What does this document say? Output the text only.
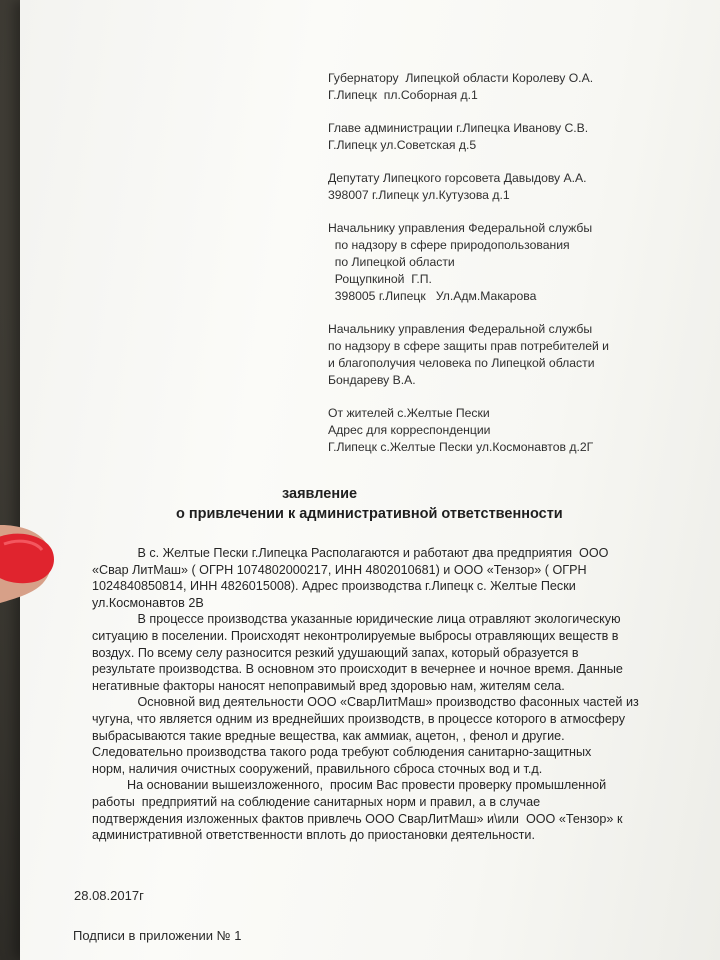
Губернатору  Липецкой области Королеву О.А.
Г.Липецк  пл.Соборная д.1
Главе администрации г.Липецка Иванову С.В.
Г.Липецк ул.Советская д.5
Депутату Липецкого горсовета Давыдову А.А.
398007 г.Липецк ул.Кутузова д.1
Начальнику управления Федеральной службы
по надзору в сфере природопользования
по Липецкой области
Рощупкиной  Г.П.
398005 г.Липецк   Ул.Адм.Макарова
Начальнику управления Федеральной службы
по надзору в сфере защиты прав потребителей и
и благополучия человека по Липецкой области
Бондареву В.А.
От жителей с.Желтые Пески
Адрес для корреспонденции
Г.Липецк с.Желтые Пески ул.Космонавтов д.2Г
заявление
о привлечении к административной ответственности
В с. Желтые Пески г.Липецка Располагаются и работают два предприятия  ООО
«Свар ЛитМаш» ( ОГРН 1074802000217, ИНН 4802010681) и ООО «Тензор» ( ОГРН
1024840850814, ИНН 4826015008). Адрес производства г.Липецк с. Желтые Пески
ул.Космонавтов 2В
В процессе производства указанные юридические лица отравляют экологическую
ситуацию в поселении. Происходят неконтролируемые выбросы отравляющих веществ в
воздух. По всему селу разносится резкий удушающий запах, который образуется в
результате производства. В основном это происходит в вечернее и ночное время. Данные
негативные факторы наносят непоправимый вред здоровью нам, жителям села.
Основной вид деятельности ООО «СварЛитМаш» производство фасонных частей из
чугуна, что является одним из вреднейших производств, в процессе которого в атмосферу
выбрасываются такие вредные вещества, как аммиак, ацетон, , фенол и другие.
Следовательно производства такого рода требуют соблюдения санитарно-защитных
норм, наличия очистных сооружений, правильного сброса сточных вод и т.д.
На основании вышеизложенного,  просим Вас провести проверку промышленной
работы  предприятий на соблюдение санитарных норм и правил, а в случае
подтверждения изложенных фактов привлечь ООО СварЛитМаш» и\или  ООО «Тензор» к
административной ответственности вплоть до приостановки деятельности.
28.08.2017г
Подписи в приложении № 1
